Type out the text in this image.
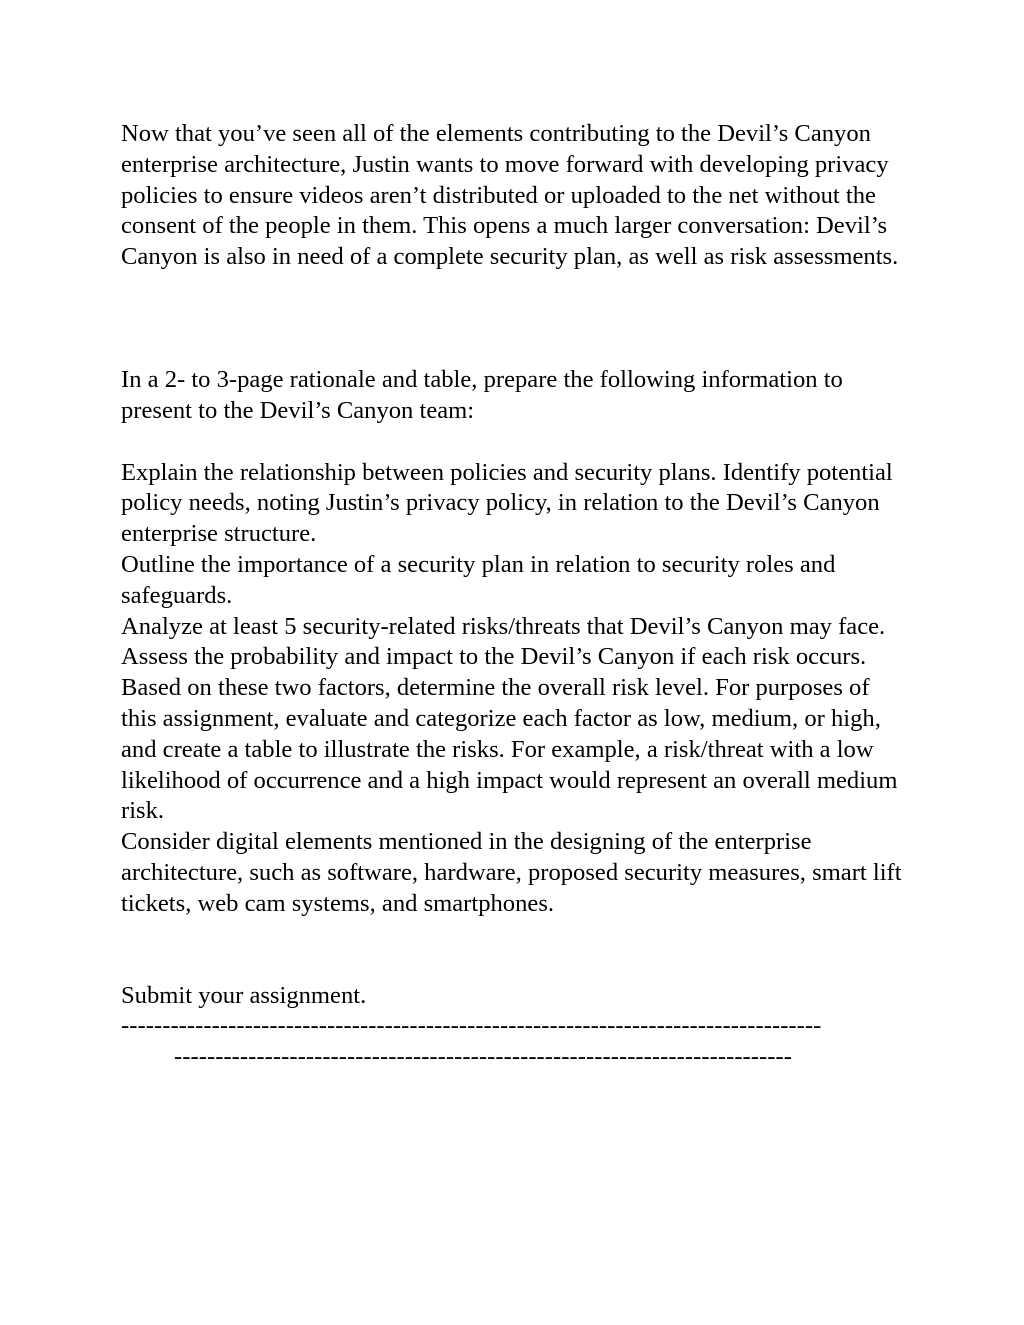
Now that you’ve seen all of the elements contributing to the Devil’s Canyon enterprise architecture, Justin wants to move forward with developing privacy policies to ensure videos aren’t distributed or uploaded to the net without the consent of the people in them. This opens a much larger conversation: Devil’s Canyon is also in need of a complete security plan, as well as risk assessments.

In a 2- to 3-page rationale and table, prepare the following information to present to the Devil’s Canyon team:

Explain the relationship between policies and security plans. Identify potential policy needs, noting Justin’s privacy policy, in relation to the Devil’s Canyon enterprise structure.

Outline the importance of a security plan in relation to security roles and safeguards.

Analyze at least 5 security-related risks/threats that Devil’s Canyon may face.

Assess the probability and impact to the Devil’s Canyon if each risk occurs. Based on these two factors, determine the overall risk level. For purposes of this assignment, evaluate and categorize each factor as low, medium, or high, and create a table to illustrate the risks. For example, a risk/threat with a low likelihood of occurrence and a high impact would represent an overall medium risk.

Consider digital elements mentioned in the designing of the enterprise architecture, such as software, hardware, proposed security measures, smart lift tickets, web cam systems, and smartphones.

Submit your assignment.

-------------------------------------------------------------------------------------
---------------------------------------------------------------------------
